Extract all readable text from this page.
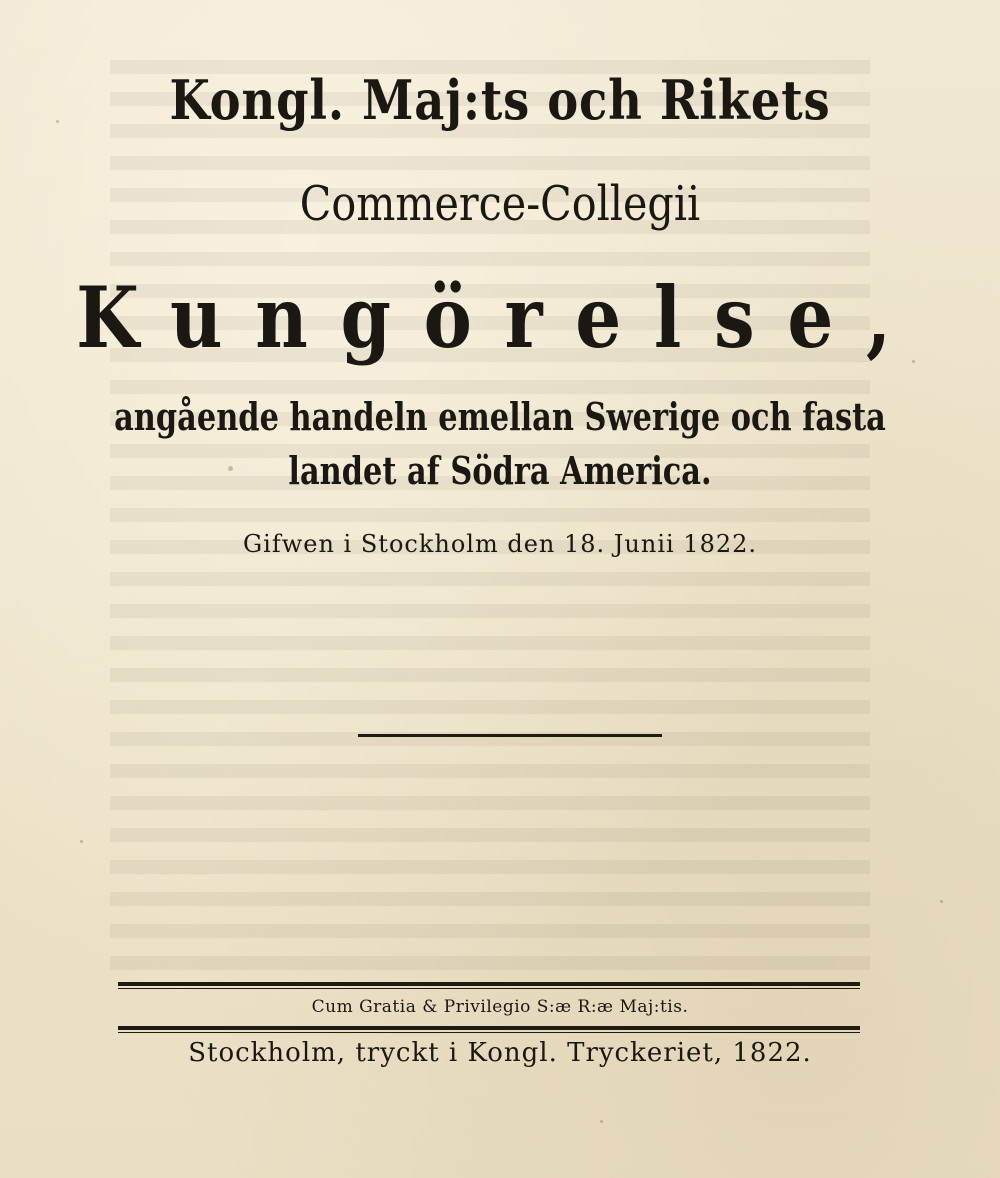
Kongl. Maj:ts och Rikets
Commerce-Collegii
Kungörelse,
angående handeln emellan Swerige och fasta
landet af Södra America.
Gifwen i Stockholm den 18. Junii 1822.
Cum Gratia & Privilegio S:æ R:æ Maj:tis.
Stockholm, tryckt i Kongl. Tryckeriet, 1822.
